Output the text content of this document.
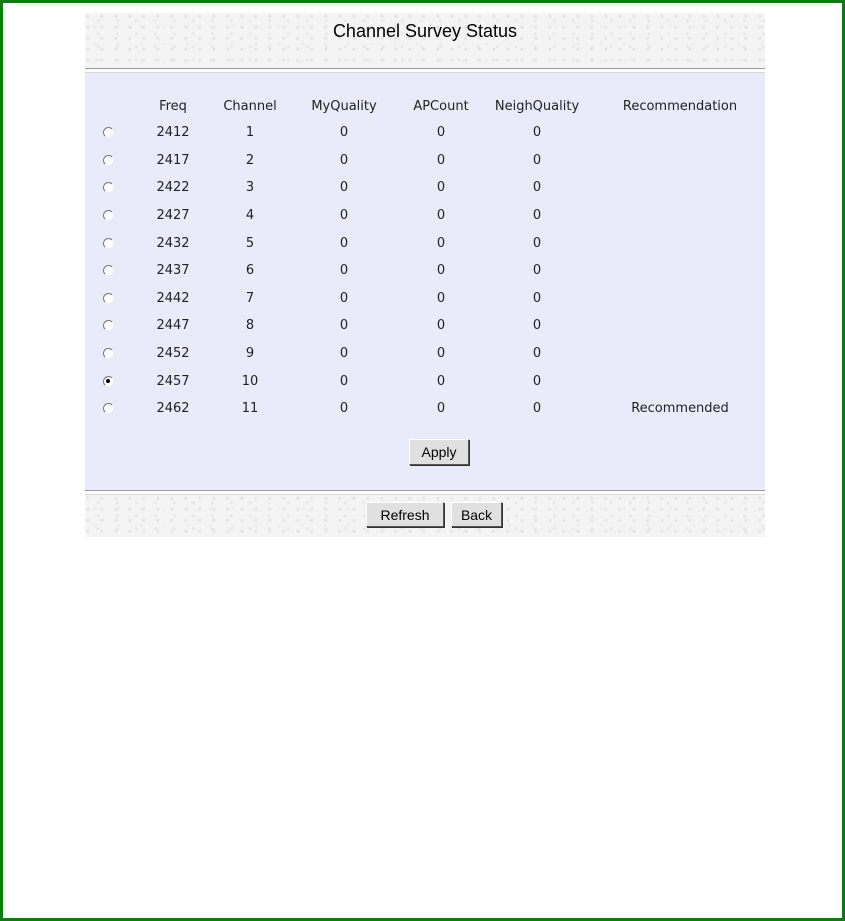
Channel Survey Status
	Freq	Channel	MyQuality	APCount	NeighQuality	Recommendation
	2412	1	0	0	0	
	2417	2	0	0	0	
	2422	3	0	0	0	
	2427	4	0	0	0	
	2432	5	0	0	0	
	2437	6	0	0	0	
	2442	7	0	0	0	
	2447	8	0	0	0	
	2452	9	0	0	0	
	2457	10	0	0	0	
	2462	11	0	0	0	Recommended
Apply
Refresh	Back
